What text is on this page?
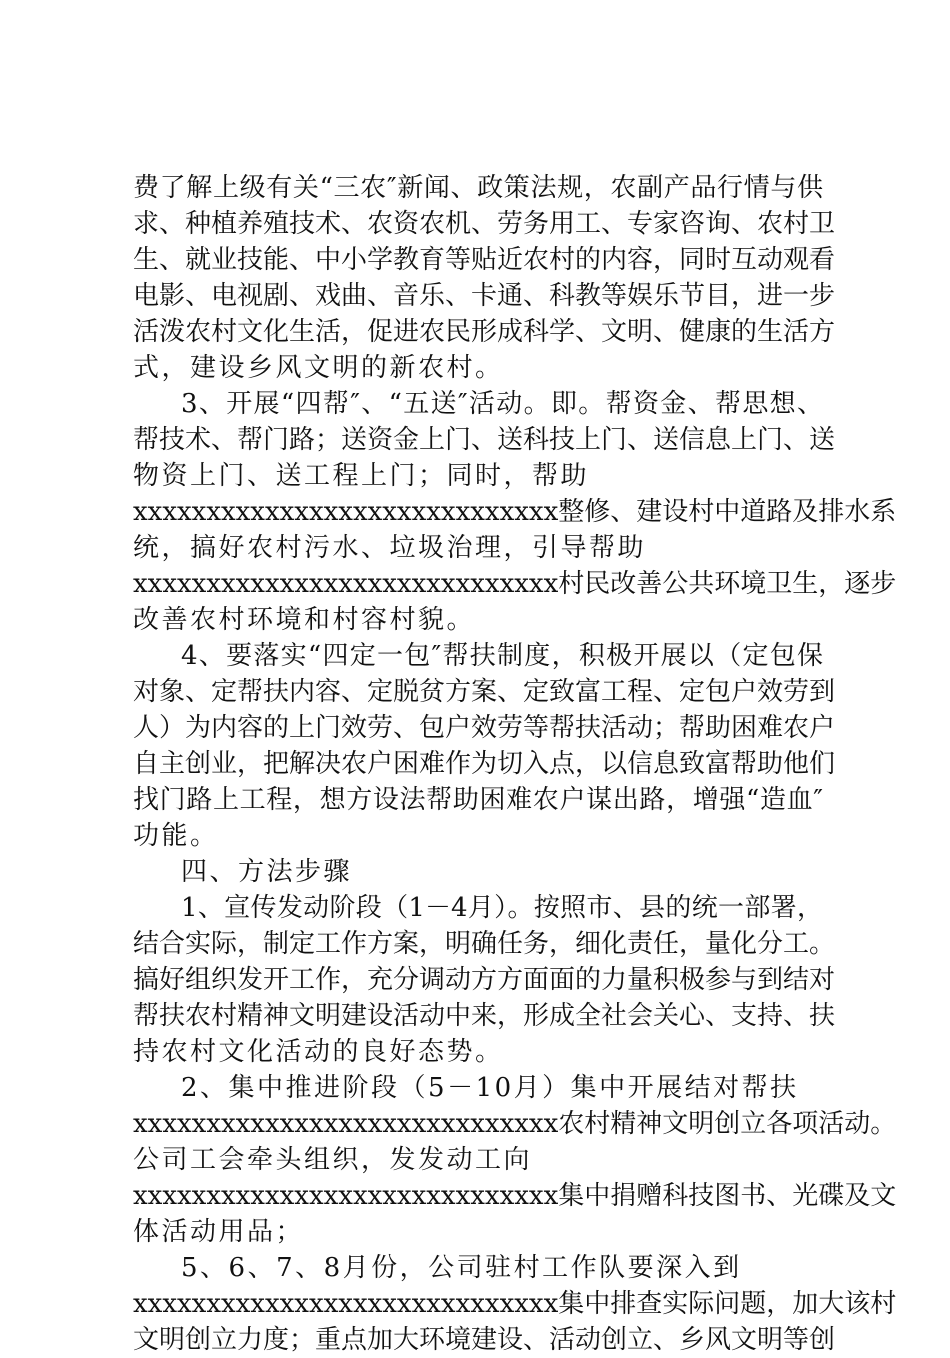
费了解上级有关“三农″新闻、政策法规，农副产品行情与供
求、种植养殖技术、农资农机、劳务用工、专家咨询、农村卫
生、就业技能、中小学教育等贴近农村的内容，同时互动观看
电影、电视剧、戏曲、音乐、卡通、科教等娱乐节目，进一步
活泼农村文化生活，促进农民形成科学、文明、健康的生活方
式，建设乡风文明的新农村。
3、开展“四帮″、“五送″活动。即。帮资金、帮思想、
帮技术、帮门路；送资金上门、送科技上门、送信息上门、送
物资上门、送工程上门；同时，帮助
xxxxxxxxxxxxxxxxxxxxxxxxxxxxx整修、建设村中道路及排水系
统，搞好农村污水、垃圾治理，引导帮助
xxxxxxxxxxxxxxxxxxxxxxxxxxxxx村民改善公共环境卫生，逐步
改善农村环境和村容村貌。
4、要落实“四定一包″帮扶制度，积极开展以（定包保
对象、定帮扶内容、定脱贫方案、定致富工程、定包户效劳到
人）为内容的上门效劳、包户效劳等帮扶活动；帮助困难农户
自主创业，把解决农户困难作为切入点，以信息致富帮助他们
找门路上工程，想方设法帮助困难农户谋出路，增强“造血″
功能。
四、方法步骤
1、宣传发动阶段（1－4月）。按照市、县的统一部署，
结合实际，制定工作方案，明确任务，细化责任，量化分工。
搞好组织发开工作，充分调动方方面面的力量积极参与到结对
帮扶农村精神文明建设活动中来，形成全社会关心、支持、扶
持农村文化活动的良好态势。
2、集中推进阶段（5－10月）集中开展结对帮扶
xxxxxxxxxxxxxxxxxxxxxxxxxxxxx农村精神文明创立各项活动。
公司工会牵头组织，发发动工向
xxxxxxxxxxxxxxxxxxxxxxxxxxxxx集中捐赠科技图书、光碟及文
体活动用品；
5、6、7、8月份，公司驻村工作队要深入到
xxxxxxxxxxxxxxxxxxxxxxxxxxxxx集中排查实际问题，加大该村
文明创立力度；重点加大环境建设、活动创立、乡风文明等创
